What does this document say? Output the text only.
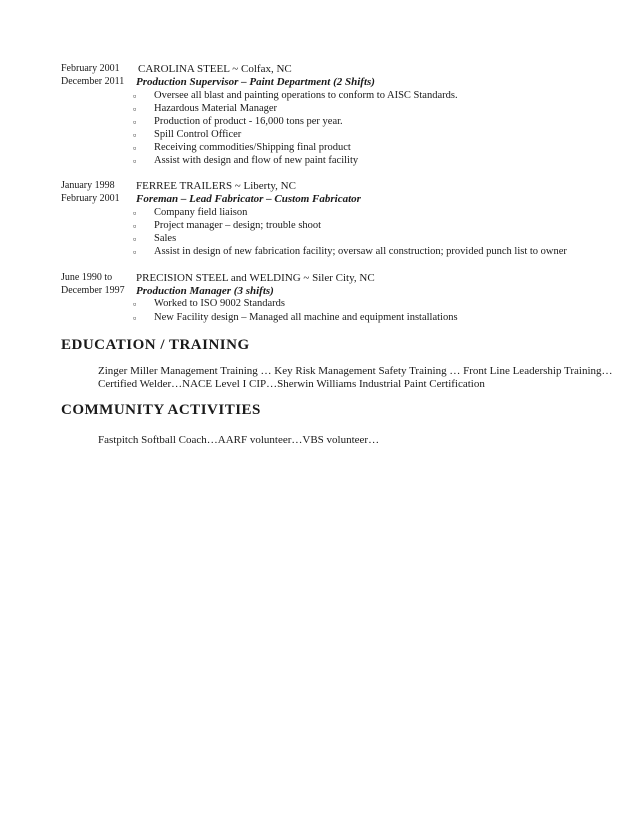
February 2001 CAROLINA STEEL ~ Colfax, NC
December 2011 Production Supervisor – Paint Department (2 Shifts)
▫ Oversee all blast and painting operations to conform to AISC Standards.
▫ Hazardous Material Manager
▫ Production of product - 16,000 tons per year.
▫ Spill Control Officer
▫ Receiving commodities/Shipping final product
▫ Assist with design and flow of new paint facility
January 1998 FERREE TRAILERS ~ Liberty, NC
February 2001 Foreman – Lead Fabricator – Custom Fabricator
▫ Company field liaison
▫ Project manager – design; trouble shoot
▫ Sales
▫ Assist in design of new fabrication facility; oversaw all construction; provided punch list to owner
June 1990 to PRECISION STEEL and WELDING ~ Siler City, NC
December 1997 Production Manager (3 shifts)
▫ Worked to ISO 9002 Standards
▫ New Facility design – Managed all machine and equipment installations
EDUCATION / TRAINING
Zinger Miller Management Training … Key Risk Management Safety Training … Front Line Leadership Training…
Certified Welder…NACE Level I CIP…Sherwin Williams Industrial Paint Certification
COMMUNITY ACTIVITIES
Fastpitch Softball Coach…AARF volunteer…VBS volunteer…
